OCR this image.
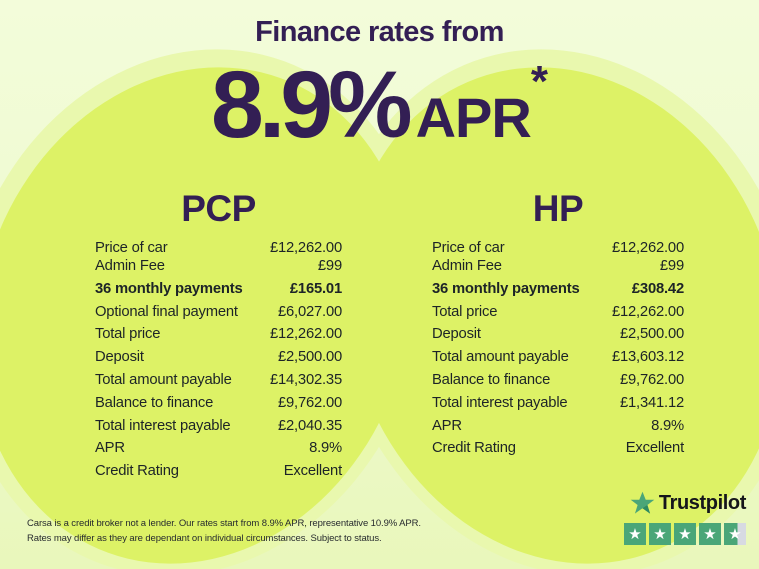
Finance rates from
8.9% APR
*
PCP	HP
Price of car	£12,262.00
Admin Fee	£99
36 monthly payments	£165.01
Optional final payment	£6,027.00
Total price	£12,262.00
Deposit	£2,500.00
Total amount payable	£14,302.35
Balance to finance	£9,762.00
Total interest payable	£2,040.35
APR	8.9%
Credit Rating	Excellent
Price of car	£12,262.00
Admin Fee	£99
36 monthly payments	£308.42
Total price	£12,262.00
Deposit	£2,500.00
Total amount payable	£13,603.12
Balance to finance	£9,762.00
Total interest payable	£1,341.12
APR	8.9%
Credit Rating	Excellent
Carsa is a credit broker not a lender. Our rates start from 8.9% APR, representative 10.9% APR.
Rates may differ as they are dependant on individual circumstances. Subject to status.
Trustpilot
★ ★ ★ ★ ★
